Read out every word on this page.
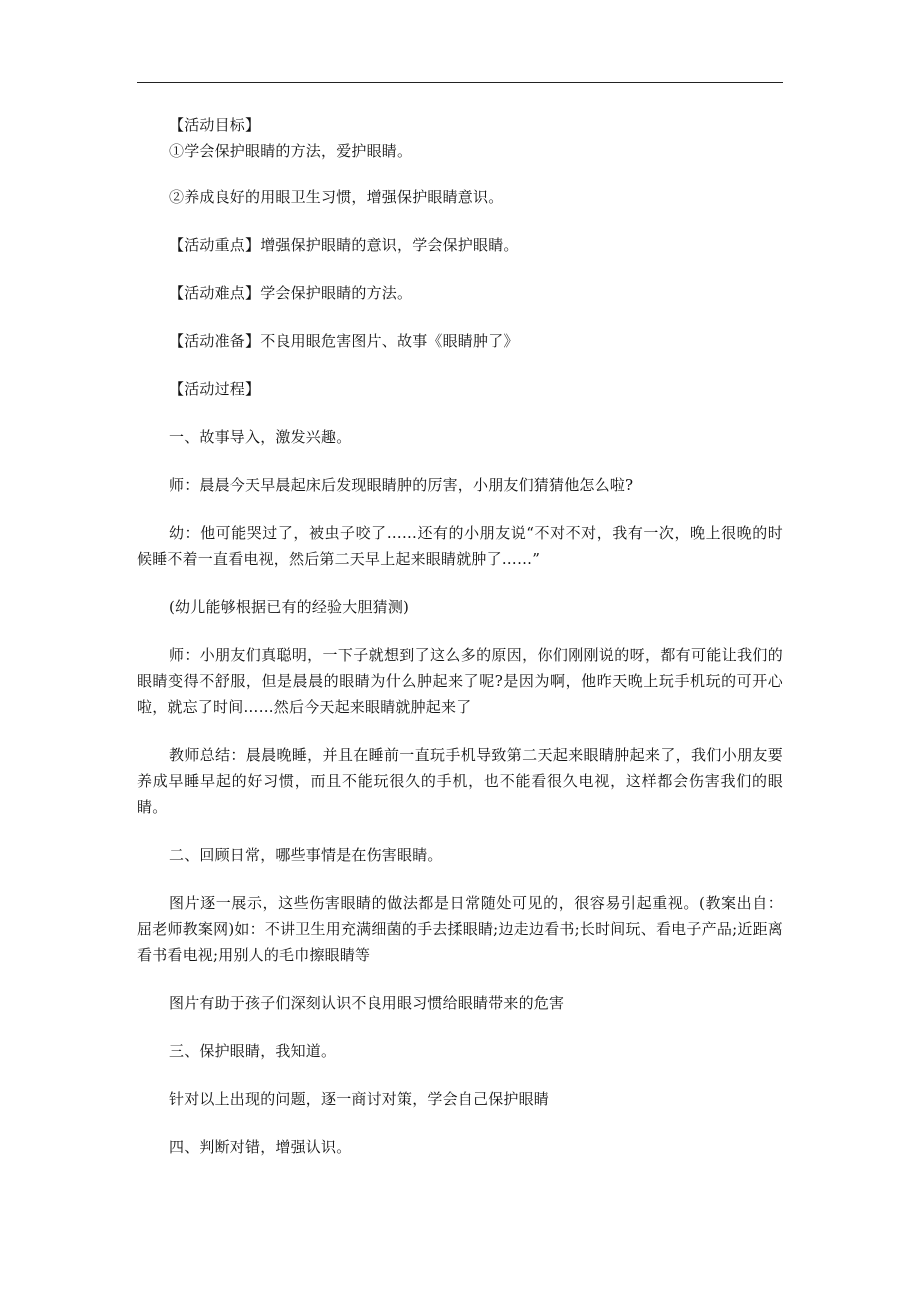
【活动目标】

①学会保护眼睛的方法，爱护眼睛。

②养成良好的用眼卫生习惯，增强保护眼睛意识。

【活动重点】增强保护眼睛的意识，学会保护眼睛。

【活动难点】学会保护眼睛的方法。

【活动准备】不良用眼危害图片、故事《眼睛肿了》

【活动过程】

一、故事导入，激发兴趣。

师：晨晨今天早晨起床后发现眼睛肿的厉害，小朋友们猜猜他怎么啦?

幼：他可能哭过了，被虫子咬了……还有的小朋友说“不对不对，我有一次，晚上很晚的时候睡不着一直看电视，然后第二天早上起来眼睛就肿了……”

(幼儿能够根据已有的经验大胆猜测)

师：小朋友们真聪明，一下子就想到了这么多的原因，你们刚刚说的呀，都有可能让我们的眼睛变得不舒服，但是晨晨的眼睛为什么肿起来了呢?是因为啊，他昨天晚上玩手机玩的可开心啦，就忘了时间……然后今天起来眼睛就肿起来了

教师总结：晨晨晚睡，并且在睡前一直玩手机导致第二天起来眼睛肿起来了，我们小朋友要养成早睡早起的好习惯，而且不能玩很久的手机，也不能看很久电视，这样都会伤害我们的眼睛。

二、回顾日常，哪些事情是在伤害眼睛。

图片逐一展示，这些伤害眼睛的做法都是日常随处可见的，很容易引起重视。(教案出自：屈老师教案网)如：不讲卫生用充满细菌的手去揉眼睛;边走边看书;长时间玩、看电子产品;近距离看书看电视;用别人的毛巾擦眼睛等

图片有助于孩子们深刻认识不良用眼习惯给眼睛带来的危害

三、保护眼睛，我知道。

针对以上出现的问题，逐一商讨对策，学会自己保护眼睛

四、判断对错，增强认识。
